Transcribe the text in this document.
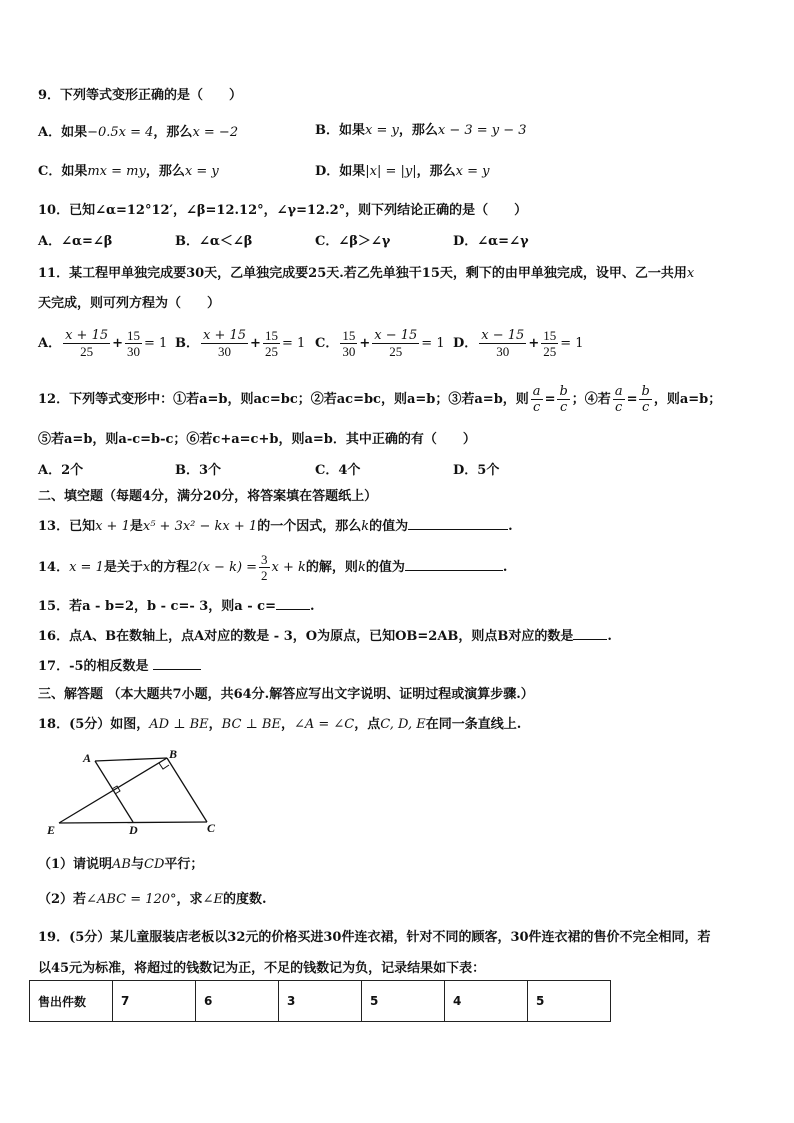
9．下列等式变形正确的是（　　）
A．如果−0.5x = 4，那么x = −2	B．如果x = y，那么x − 3 = y − 3
C．如果mx = my，那么x = y	D．如果|x| = |y|，那么x = y
10．已知∠α=12°12′，∠β=12.12°，∠γ=12.2°，则下列结论正确的是（　　）
A．∠α=∠β	B．∠α＜∠β	C．∠β＞∠γ	D．∠α=∠γ
11．某工程甲单独完成要30天，乙单独完成要25天.若乙先单独干15天，剩下的由甲单独完成，设甲、乙一共用x
天完成，则可列方程为（　　）
A． $\frac{x + 15}{25} + \frac{15}{30} = 1$ B． $\frac{x + 15}{30} + \frac{15}{25} = 1$ C． $\frac{15}{30} + \frac{x - 15}{25} = 1$ D． $\frac{x - 15}{30} + \frac{15}{25} = 1$
12．下列等式变形中：①若a=b，则ac=bc；②若ac=bc，则a=b；③若a=b，则 $\frac{a}{c} = \frac{b}{c}$ ；④若 $\frac{a}{c} = \frac{b}{c}$ ，则a=b；
⑤若a=b，则a-c=b-c；⑥若c+a=c+b，则a=b．其中正确的有（　　）
A．2个	B．3个	C．4个	D．5个
二、填空题（每题4分，满分20分，将答案填在答题纸上）
13．已知x + 1是x⁵ + 3x² − kx + 1的一个因式，那么k的值为	.
14．x = 1是关于x的方程$2(x - k) = \frac{3}{2}$ x + k的解，则k的值为	.
15．若a - b=2，b - c=- 3，则a - c=	.
16．点A、B在数轴上，点A对应的数是 - 3，O为原点，已知OB=2AB，则点B对应的数是	.
17．-5的相反数是
三、解答题 （本大题共7小题，共64分.解答应写出文字说明、证明过程或演算步骤.）
18．(5分）如图，AD ⊥ BE，BC ⊥ BE，∠A = ∠C，点C, D, E在同一条直线上.
A	B
C
D
E
（1）请说明AB与CD平行；
（2）若∠ABC = 120°，求∠E的度数.
19．(5分）某儿童服装店老板以32元的价格买进30件连衣裙，针对不同的顾客，30件连衣裙的售价不完全相同，若
以45元为标准，将超过的钱数记为正，不足的钱数记为负，记录结果如下表：
售出件数	7	6	3	5	4	5
